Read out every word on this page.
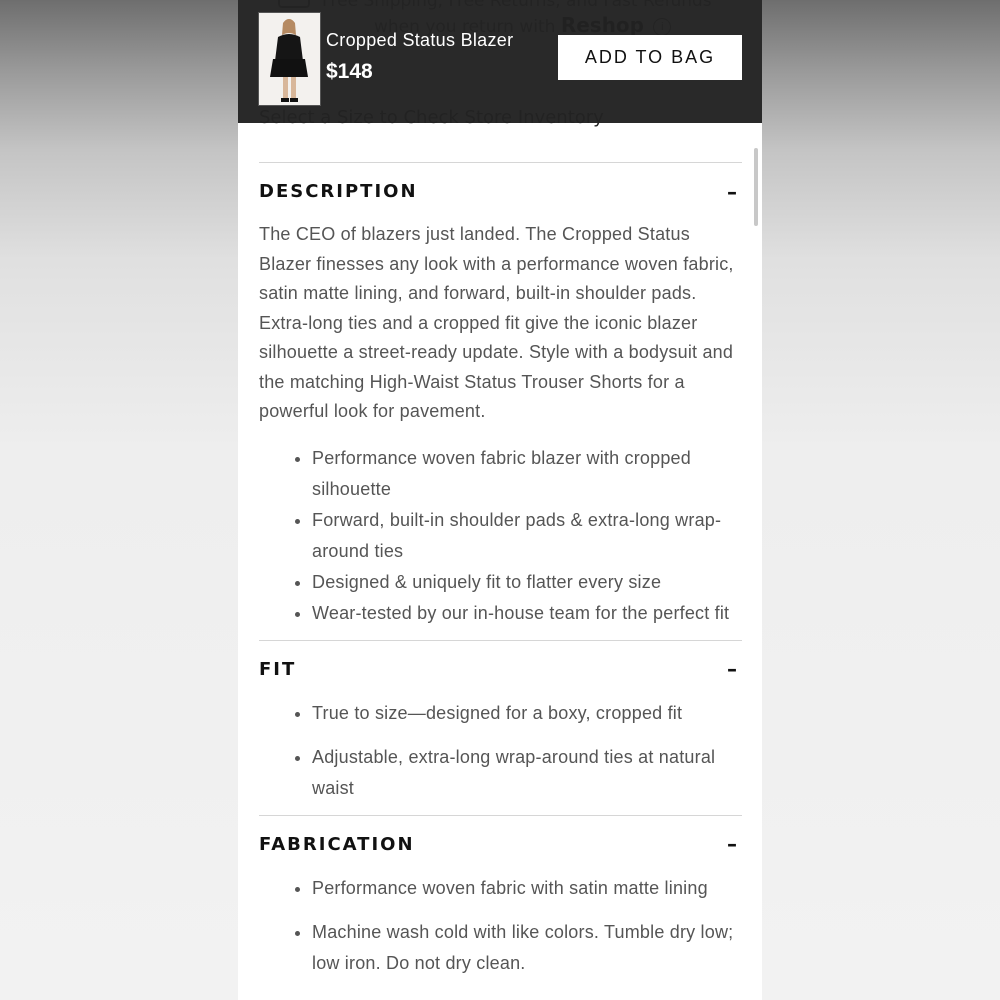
Cropped Status Blazer
$148
ADD TO BAG
DESCRIPTION	–

The CEO of blazers just landed. The Cropped Status Blazer finesses any look with a performance woven fabric, satin matte lining, and forward, built-in shoulder pads. Extra-long ties and a cropped fit give the iconic blazer silhouette a street-ready update. Style with a bodysuit and the matching High-Waist Status Trouser Shorts for a powerful look for pavement.

• Performance woven fabric blazer with cropped silhouette
• Forward, built-in shoulder pads & extra-long wrap-around ties
• Designed & uniquely fit to flatter every size
• Wear-tested by our in-house team for the perfect fit
FIT	–
• True to size—designed for a boxy, cropped fit
• Adjustable, extra-long wrap-around ties at natural waist
FABRICATION	–
• Performance woven fabric with satin matte lining
• Machine wash cold with like colors. Tumble dry low; low iron. Do not dry clean.
